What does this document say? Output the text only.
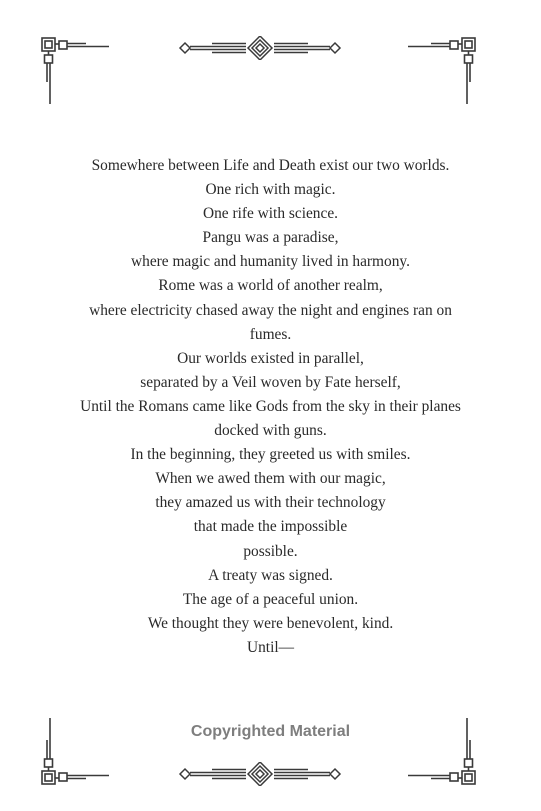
Somewhere between Life and Death exist our two worlds.
One rich with magic.
One rife with science.
Pangu was a paradise,
where magic and humanity lived in harmony.
Rome was a world of another realm,
where electricity chased away the night and engines ran on
fumes.
Our worlds existed in parallel,
separated by a Veil woven by Fate herself,
Until the Romans came like Gods from the sky in their planes
docked with guns.
In the beginning, they greeted us with smiles.
When we awed them with our magic,
they amazed us with their technology
that made the impossible
possible.
A treaty was signed.
The age of a peaceful union.
We thought they were benevolent, kind.
Until—
Copyrighted Material
